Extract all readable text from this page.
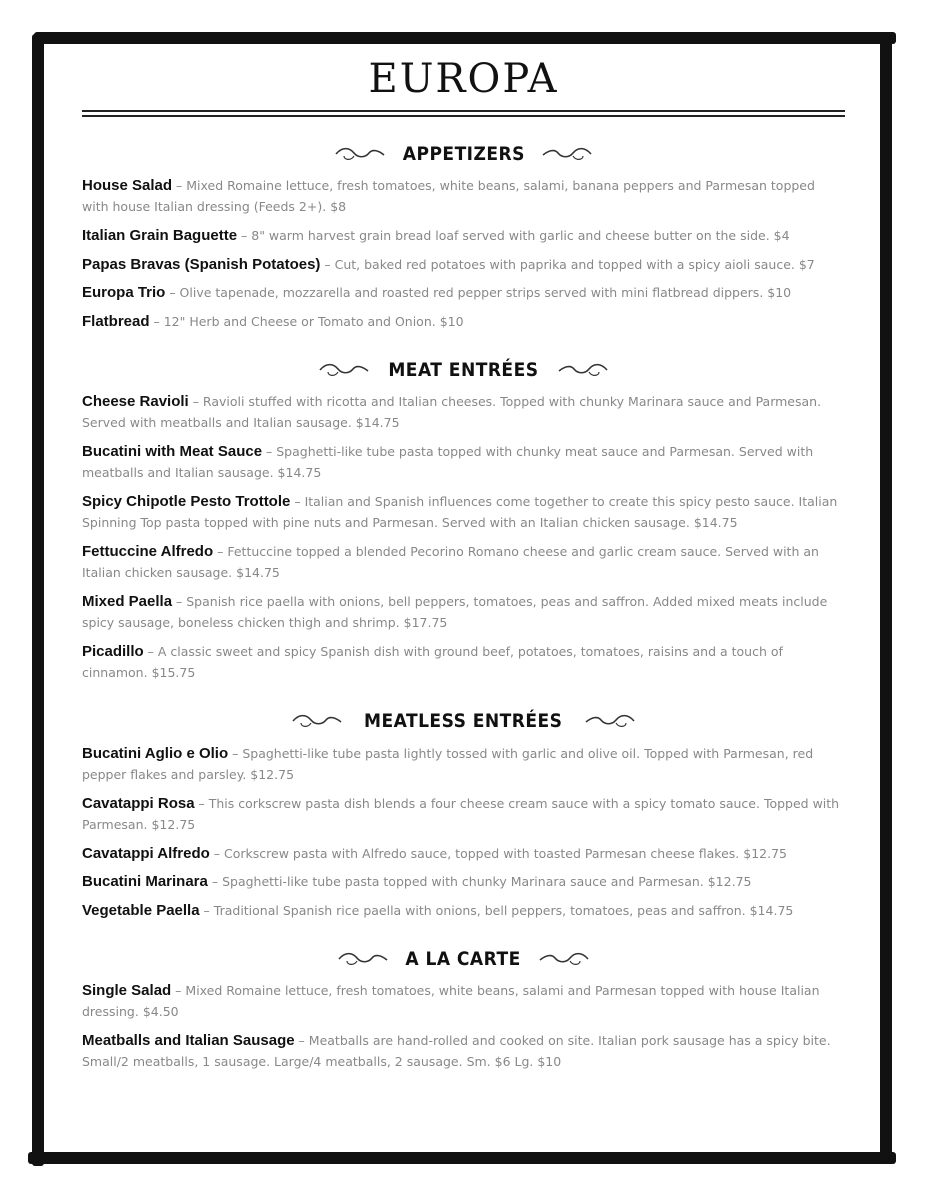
EUROPA
APPETIZERS

House Salad – Mixed Romaine lettuce, fresh tomatoes, white beans, salami, banana peppers and Parmesan topped with house Italian dressing (Feeds 2+). $8

Italian Grain Baguette – 8" warm harvest grain bread loaf served with garlic and cheese butter on the side. $4

Papas Bravas (Spanish Potatoes) – Cut, baked red potatoes with paprika and topped with a spicy aioli sauce. $7

Europa Trio – Olive tapenade, mozzarella and roasted red pepper strips served with mini flatbread dippers. $10

Flatbread – 12" Herb and Cheese or Tomato and Onion. $10

MEAT ENTRÉES

Cheese Ravioli – Ravioli stuffed with ricotta and Italian cheeses. Topped with chunky Marinara sauce and Parmesan. Served with meatballs and Italian sausage. $14.75

Bucatini with Meat Sauce – Spaghetti-like tube pasta topped with chunky meat sauce and Parmesan. Served with meatballs and Italian sausage. $14.75

Spicy Chipotle Pesto Trottole – Italian and Spanish influences come together to create this spicy pesto sauce. Italian Spinning Top pasta topped with pine nuts and Parmesan. Served with an Italian chicken sausage. $14.75

Fettuccine Alfredo – Fettuccine topped a blended Pecorino Romano cheese and garlic cream sauce. Served with an Italian chicken sausage. $14.75

Mixed Paella – Spanish rice paella with onions, bell peppers, tomatoes, peas and saffron. Added mixed meats include spicy sausage, boneless chicken thigh and shrimp. $17.75

Picadillo – A classic sweet and spicy Spanish dish with ground beef, potatoes, tomatoes, raisins and a touch of cinnamon. $15.75

MEATLESS ENTRÉES

Bucatini Aglio e Olio – Spaghetti-like tube pasta lightly tossed with garlic and olive oil. Topped with Parmesan, red pepper flakes and parsley. $12.75

Cavatappi Rosa – This corkscrew pasta dish blends a four cheese cream sauce with a spicy tomato sauce. Topped with Parmesan. $12.75

Cavatappi Alfredo – Corkscrew pasta with Alfredo sauce, topped with toasted Parmesan cheese flakes. $12.75

Bucatini Marinara – Spaghetti-like tube pasta topped with chunky Marinara sauce and Parmesan. $12.75

Vegetable Paella – Traditional Spanish rice paella with onions, bell peppers, tomatoes, peas and saffron. $14.75

A LA CARTE

Single Salad – Mixed Romaine lettuce, fresh tomatoes, white beans, salami and Parmesan topped with house Italian dressing. $4.50

Meatballs and Italian Sausage – Meatballs are hand-rolled and cooked on site. Italian pork sausage has a spicy bite. Small/2 meatballs, 1 sausage. Large/4 meatballs, 2 sausage. Sm. $6 Lg. $10
